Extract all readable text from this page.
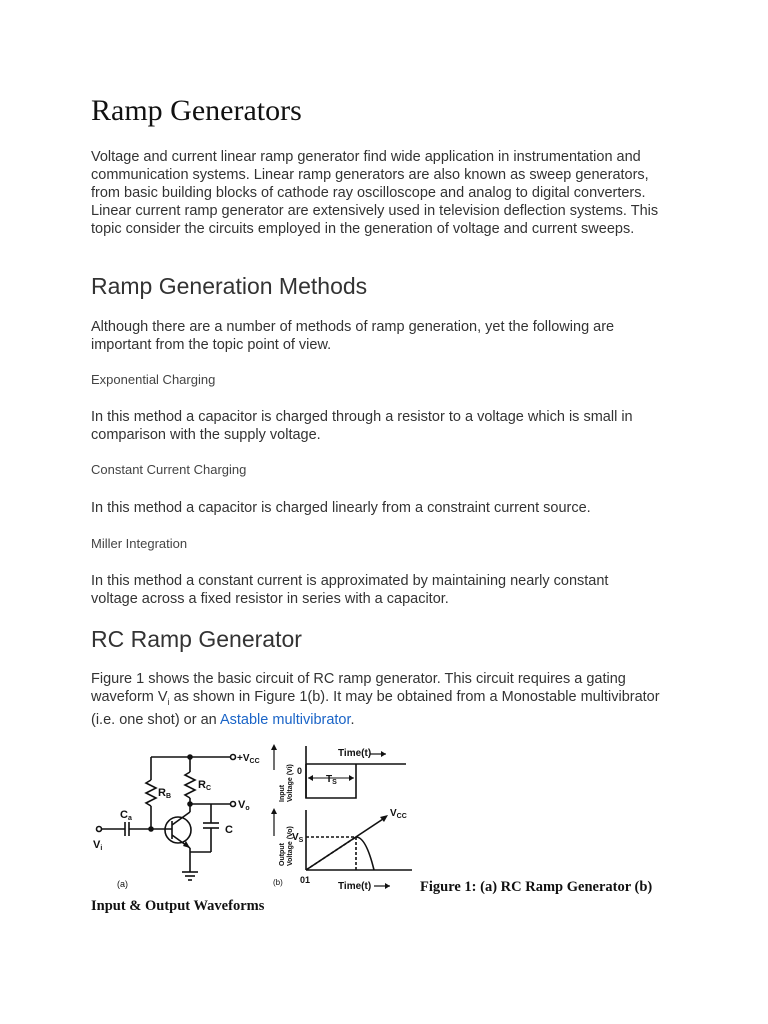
Ramp Generators

Voltage and current linear ramp generator find wide application in instrumentation and communication systems. Linear ramp generators are also known as sweep generators, from basic building blocks of cathode ray oscilloscope and analog to digital converters. Linear current ramp generator are extensively used in television deflection systems. This topic consider the circuits employed in the generation of voltage and current sweeps.

Ramp Generation Methods

Although there are a number of methods of ramp generation, yet the following are important from the topic point of view.

Exponential Charging

In this method a capacitor is charged through a resistor to a voltage which is small in comparison with the supply voltage.

Constant Current Charging

In this method a capacitor is charged linearly from a constraint current source.

Miller Integration

In this method a constant current is approximated by maintaining nearly constant voltage across a fixed resistor in series with a capacitor.

RC Ramp Generator

Figure 1 shows the basic circuit of RC ramp generator. This circuit requires a gating waveform $V_i$ as shown in Figure 1(b). It may be obtained from a Monostable multivibrator (i.e. one shot) or an Astable multivibrator.

$+V_{CC}$
RB
RC
Vo
C
Ca
Vi
(a)
Time(t)
Time(t)
0
$T_S$
$V_S$
$V_{CC}$
01
(b)
Input Voltage (Vi)
Output Voltage (Vo)
Figure 1: (a) RC Ramp Generator (b)
Input & Output Waveforms
